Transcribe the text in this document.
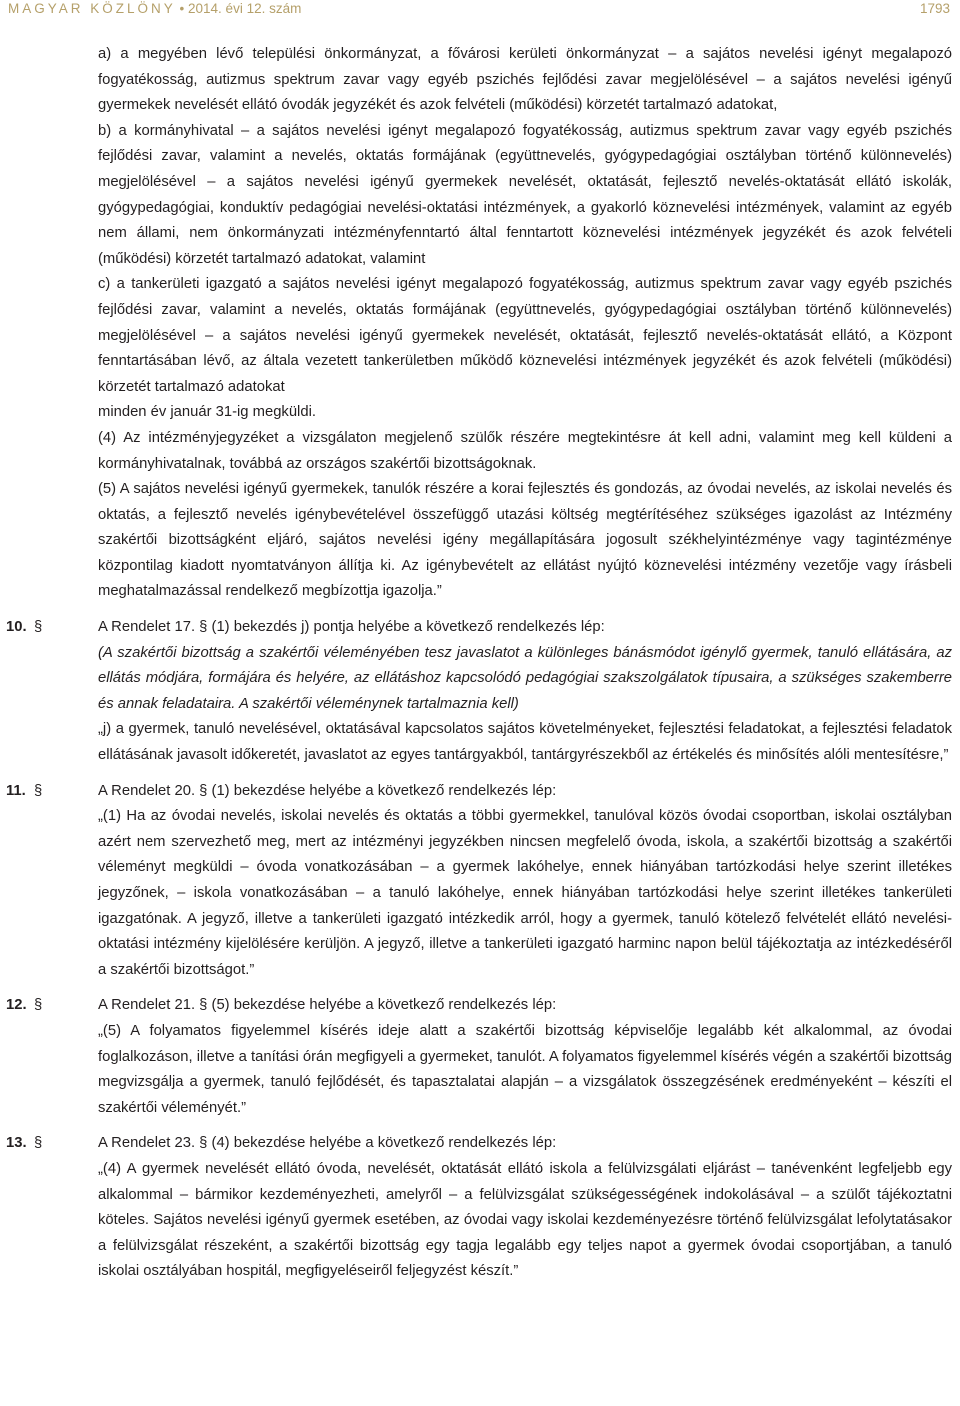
MAGYAR KÖZLÖNY • 2014. évi 12. szám	1793

a) a megyében lévő települési önkormányzat, a fővárosi kerületi önkormányzat – a sajátos nevelési igényt megalapozó fogyatékosság, autizmus spektrum zavar vagy egyéb pszichés fejlődési zavar megjelölésével – a sajátos nevelési igényű gyermekek nevelését ellátó óvodák jegyzékét és azok felvételi (működési) körzetét tartalmazó adatokat,

b) a kormányhivatal – a sajátos nevelési igényt megalapozó fogyatékosság, autizmus spektrum zavar vagy egyéb pszichés fejlődési zavar, valamint a nevelés, oktatás formájának (együttnevelés, gyógypedagógiai osztályban történő különnevelés) megjelölésével – a sajátos nevelési igényű gyermekek nevelését, oktatását, fejlesztő nevelés-oktatását ellátó iskolák, gyógypedagógiai, konduktív pedagógiai nevelési-oktatási intézmények, a gyakorló köznevelési intézmények, valamint az egyéb nem állami, nem önkormányzati intézményfenntartó által fenntartott köznevelési intézmények jegyzékét és azok felvételi (működési) körzetét tartalmazó adatokat, valamint

c) a tankerületi igazgató a sajátos nevelési igényt megalapozó fogyatékosság, autizmus spektrum zavar vagy egyéb pszichés fejlődési zavar, valamint a nevelés, oktatás formájának (együttnevelés, gyógypedagógiai osztályban történő különnevelés) megjelölésével – a sajátos nevelési igényű gyermekek nevelését, oktatását, fejlesztő nevelés-oktatását ellátó, a Központ fenntartásában lévő, az általa vezetett tankerületben működő köznevelési intézmények jegyzékét és azok felvételi (működési) körzetét tartalmazó adatokat

minden év január 31-ig megküldi.

(4) Az intézményjegyzéket a vizsgálaton megjelenő szülők részére megtekintésre át kell adni, valamint meg kell küldeni a kormányhivatalnak, továbbá az országos szakértői bizottságoknak.

(5) A sajátos nevelési igényű gyermekek, tanulók részére a korai fejlesztés és gondozás, az óvodai nevelés, az iskolai nevelés és oktatás, a fejlesztő nevelés igénybevételével összefüggő utazási költség megtérítéséhez szükséges igazolást az Intézmény szakértői bizottságként eljáró, sajátos nevelési igény megállapítására jogosult székhelyintézménye vagy tagintézménye központilag kiadott nyomtatványon állítja ki. Az igénybevételt az ellátást nyújtó köznevelési intézmény vezetője vagy írásbeli meghatalmazással rendelkező megbízottja igazolja.”

10. §	A Rendelet 17. § (1) bekezdés j) pontja helyébe a következő rendelkezés lép:

(A szakértői bizottság a szakértői véleményében tesz javaslatot a különleges bánásmódot igénylő gyermek, tanuló ellátására, az ellátás módjára, formájára és helyére, az ellátáshoz kapcsolódó pedagógiai szakszolgálatok típusaira, a szükséges szakemberre és annak feladataira. A szakértői véleménynek tartalmaznia kell)

„j) a gyermek, tanuló nevelésével, oktatásával kapcsolatos sajátos követelményeket, fejlesztési feladatokat, a fejlesztési feladatok ellátásának javasolt időkeretét, javaslatot az egyes tantárgyakból, tantárgyrészekből az értékelés és minősítés alóli mentesítésre,”

11. §	A Rendelet 20. § (1) bekezdése helyébe a következő rendelkezés lép:

„(1) Ha az óvodai nevelés, iskolai nevelés és oktatás a többi gyermekkel, tanulóval közös óvodai csoportban, iskolai osztályban azért nem szervezhető meg, mert az intézményi jegyzékben nincsen megfelelő óvoda, iskola, a szakértői bizottság a szakértői véleményt megküldi – óvoda vonatkozásában – a gyermek lakóhelye, ennek hiányában tartózkodási helye szerint illetékes jegyzőnek, – iskola vonatkozásában – a tanuló lakóhelye, ennek hiányában tartózkodási helye szerint illetékes tankerületi igazgatónak. A jegyző, illetve a tankerületi igazgató intézkedik arról, hogy a gyermek, tanuló kötelező felvételét ellátó nevelési-oktatási intézmény kijelölésére kerüljön. A jegyző, illetve a tankerületi igazgató harminc napon belül tájékoztatja az intézkedéséről a szakértői bizottságot.”

12. §	A Rendelet 21. § (5) bekezdése helyébe a következő rendelkezés lép:

„(5) A folyamatos figyelemmel kísérés ideje alatt a szakértői bizottság képviselője legalább két alkalommal, az óvodai foglalkozáson, illetve a tanítási órán megfigyeli a gyermeket, tanulót. A folyamatos figyelemmel kísérés végén a szakértői bizottság megvizsgálja a gyermek, tanuló fejlődését, és tapasztalatai alapján – a vizsgálatok összegzésének eredményeként – készíti el szakértői véleményét.”

13. §	A Rendelet 23. § (4) bekezdése helyébe a következő rendelkezés lép:

„(4) A gyermek nevelését ellátó óvoda, nevelését, oktatását ellátó iskola a felülvizsgálati eljárást – tanévenként legfeljebb egy alkalommal – bármikor kezdeményezheti, amelyről – a felülvizsgálat szükségességének indokolásával – a szülőt tájékoztatni köteles. Sajátos nevelési igényű gyermek esetében, az óvodai vagy iskolai kezdeményezésre történő felülvizsgálat lefolytatásakor a felülvizsgálat részeként, a szakértői bizottság egy tagja legalább egy teljes napot a gyermek óvodai csoportjában, a tanuló iskolai osztályában hospitál, megfigyeléseiről feljegyzést készít.”
